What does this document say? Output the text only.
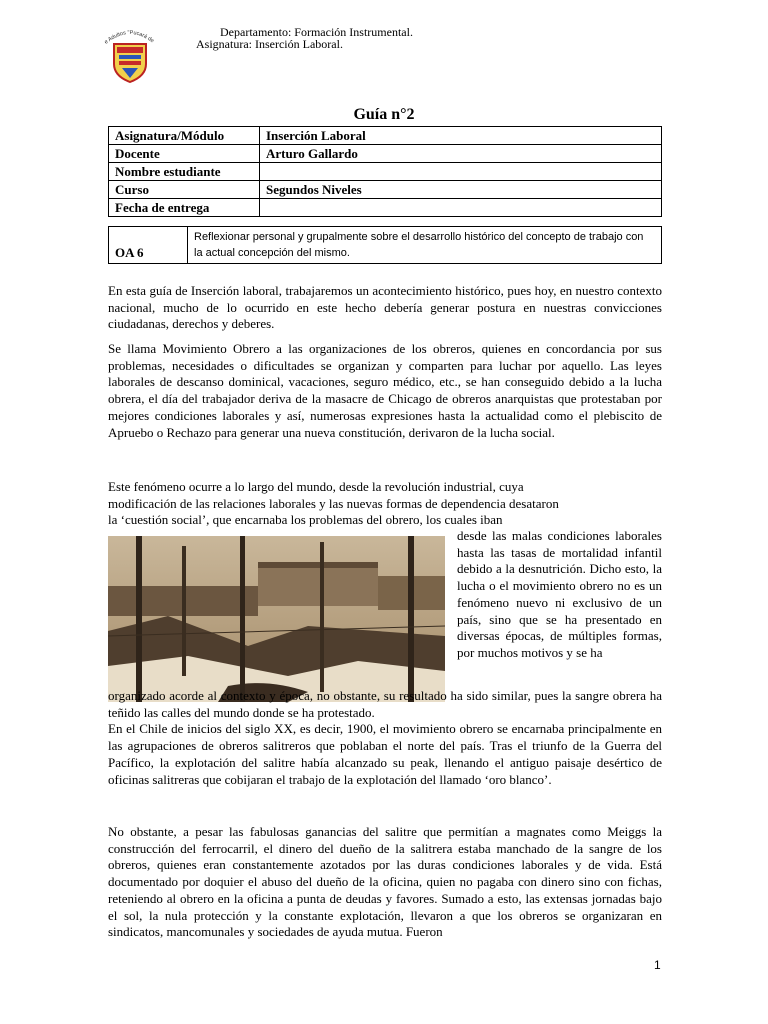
e Adultos "Pucará de
Departamento: Formación Instrumental.
Asignatura: Inserción Laboral.
Guía n°2
Asignatura/Módulo	Inserción Laboral
Docente	Arturo Gallardo
Nombre estudiante	
Curso	Segundos Niveles
Fecha de entrega	
OA 6	Reflexionar personal y grupalmente sobre el desarrollo histórico del concepto de trabajo con la actual concepción del mismo.
En esta guía de Inserción laboral, trabajaremos un acontecimiento histórico, pues hoy, en nuestro contexto nacional, mucho de lo ocurrido en este hecho debería generar postura en nuestras convicciones ciudadanas, derechos y deberes.
Se llama Movimiento Obrero a las organizaciones de los obreros, quienes en concordancia por sus problemas, necesidades o dificultades se organizan y comparten para luchar por aquello. Las leyes laborales de descanso dominical, vacaciones, seguro médico, etc., se han conseguido debido a la lucha obrera, el día del trabajador deriva de la masacre de Chicago de obreros anarquistas que protestaban por mejores condiciones laborales y así, numerosas expresiones hasta la actualidad como el plebiscito de Apruebo o Rechazo para generar una nueva constitución, derivaron de la lucha social.
Este fenómeno ocurre a lo largo del mundo, desde la revolución industrial, cuya modificación de las relaciones laborales y las nuevas formas de dependencia desataron la ‘cuestión social’, que encarnaba los problemas del obrero, los cuales iban
desde las malas condiciones laborales hasta las tasas de mortalidad infantil debido a la desnutrición. Dicho esto, la lucha o el movimiento obrero no es un fenómeno nuevo ni exclusivo de un país, sino que se ha presentado en diversas épocas, de múltiples formas, por muchos motivos y se ha
organizado acorde al contexto y época, no obstante, su resultado ha sido similar, pues la sangre obrera ha teñido las calles del mundo donde se ha protestado.
En el Chile de inicios del siglo XX, es decir, 1900, el movimiento obrero se encarnaba principalmente en las agrupaciones de obreros salitreros que poblaban el norte del país. Tras el triunfo de la Guerra del Pacífico, la explotación del salitre había alcanzado su peak, llenando el antiguo paisaje desértico de oficinas salitreras que cobijaran el trabajo de la explotación del llamado ‘oro blanco’.
No obstante, a pesar las fabulosas ganancias del salitre que permitían a magnates como Meiggs la construcción del ferrocarril, el dinero del dueño de la salitrera estaba manchado de la sangre de los obreros, quienes eran constantemente azotados por las duras condiciones laborales y de vida. Está documentado por doquier el abuso del dueño de la oficina, quien no pagaba con dinero sino con fichas, reteniendo al obrero en la oficina a punta de deudas y favores. Sumado a esto, las extensas jornadas bajo el sol, la nula protección y la constante explotación, llevaron a que los obreros se organizaran en sindicatos, mancomunales y sociedades de ayuda mutua. Fueron
1
